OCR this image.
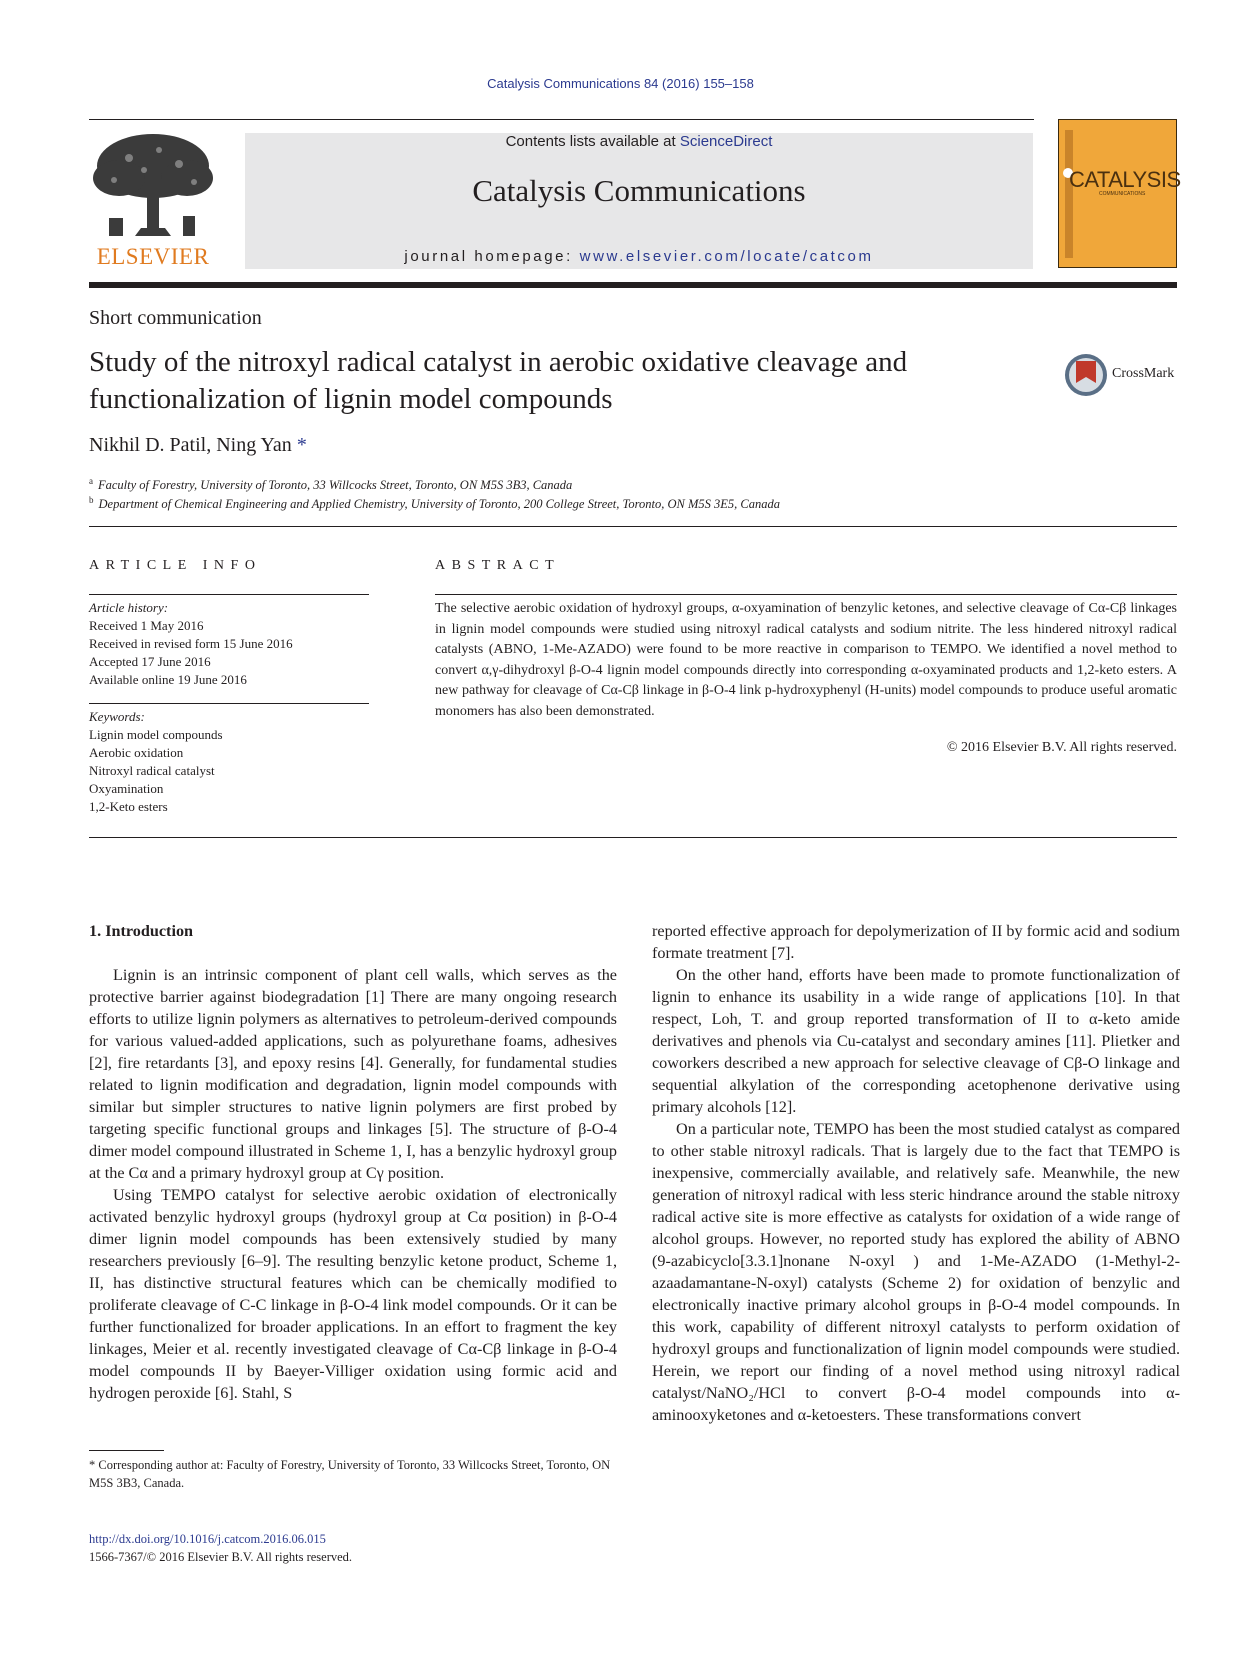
Catalysis Communications 84 (2016) 155–158
ELSEVIER
Contents lists available at ScienceDirect
Catalysis Communications
journal homepage: www.elsevier.com/locate/catcom
CATALYSIS
COMMUNICATIONS
Short communication
Study of the nitroxyl radical catalyst in aerobic oxidative cleavage and
functionalization of lignin model compounds
CrossMark
Nikhil D. Patil, Ning Yan *
$^a$ Faculty of Forestry, University of Toronto, 33 Willcocks Street, Toronto, ON M5S 3B3, Canada
$^b$ Department of Chemical Engineering and Applied Chemistry, University of Toronto, 200 College Street, Toronto, ON M5S 3E5, Canada
ARTICLE INFO
Article history:
Received 1 May 2016
Received in revised form 15 June 2016
Accepted 17 June 2016
Available online 19 June 2016
Keywords:
Lignin model compounds
Aerobic oxidation
Nitroxyl radical catalyst
Oxyamination
1,2-Keto esters
ABSTRACT
The selective aerobic oxidation of hydroxyl groups, α-oxyamination of benzylic ketones, and selective cleavage of Cα-Cβ linkages in lignin model compounds were studied using nitroxyl radical catalysts and sodium nitrite. The less hindered nitroxyl radical catalysts (ABNO, 1-Me-AZADO) were found to be more reactive in comparison to TEMPO. We identified a novel method to convert α,γ-dihydroxyl β-O-4 lignin model compounds directly into corresponding α-oxyaminated products and 1,2-keto esters. A new pathway for cleavage of Cα-Cβ linkage in β-O-4 link p-hydroxyphenyl (H-units) model compounds to produce useful aromatic monomers has also been demonstrated.
© 2016 Elsevier B.V. All rights reserved.
1. Introduction

Lignin is an intrinsic component of plant cell walls, which serves as the protective barrier against biodegradation [1] There are many ongoing research efforts to utilize lignin polymers as alternatives to petroleum-derived compounds for various valued-added applications, such as polyurethane foams, adhesives [2], fire retardants [3], and epoxy resins [4]. Generally, for fundamental studies related to lignin modification and degradation, lignin model compounds with similar but simpler structures to native lignin polymers are first probed by targeting specific functional groups and linkages [5]. The structure of β-O-4 dimer model compound illustrated in Scheme 1, I, has a benzylic hydroxyl group at the Cα and a primary hydroxyl group at Cγ position.

Using TEMPO catalyst for selective aerobic oxidation of electronically activated benzylic hydroxyl groups (hydroxyl group at Cα position) in β-O-4 dimer lignin model compounds has been extensively studied by many researchers previously [6–9]. The resulting benzylic ketone product, Scheme 1, II, has distinctive structural features which can be chemically modified to proliferate cleavage of C-C linkage in β-O-4 link model compounds. Or it can be further functionalized for broader applications. In an effort to fragment the key linkages, Meier et al. recently investigated cleavage of Cα-Cβ linkage in β-O-4 model compounds II by Baeyer-Villiger oxidation using formic acid and hydrogen peroxide [6]. Stahl, S

reported effective approach for depolymerization of II by formic acid and sodium formate treatment [7].

On the other hand, efforts have been made to promote functionalization of lignin to enhance its usability in a wide range of applications [10]. In that respect, Loh, T. and group reported transformation of II to α-keto amide derivatives and phenols via Cu-catalyst and secondary amines [11]. Plietker and coworkers described a new approach for selective cleavage of Cβ-O linkage and sequential alkylation of the corresponding acetophenone derivative using primary alcohols [12].

On a particular note, TEMPO has been the most studied catalyst as compared to other stable nitroxyl radicals. That is largely due to the fact that TEMPO is inexpensive, commercially available, and relatively safe. Meanwhile, the new generation of nitroxyl radical with less steric hindrance around the stable nitroxy radical active site is more effective as catalysts for oxidation of a wide range of alcohol groups. However, no reported study has explored the ability of ABNO (9-azabicyclo[3.3.1]nonane N-oxyl ) and 1-Me-AZADO (1-Methyl-2-azaadamantane-N-oxyl) catalysts (Scheme 2) for oxidation of benzylic and electronically inactive primary alcohol groups in β-O-4 model compounds. In this work, capability of different nitroxyl catalysts to perform oxidation of hydroxyl groups and functionalization of lignin model compounds were studied. Herein, we report our finding of a novel method using nitroxyl radical catalyst/NaNO₂/HCl to convert β-O-4 model compounds into α-aminooxyketones and α-ketoesters. These transformations convert

* Corresponding author at: Faculty of Forestry, University of Toronto, 33 Willcocks Street, Toronto, ON M5S 3B3, Canada.
http://dx.doi.org/10.1016/j.catcom.2016.06.015
1566-7367/© 2016 Elsevier B.V. All rights reserved.
